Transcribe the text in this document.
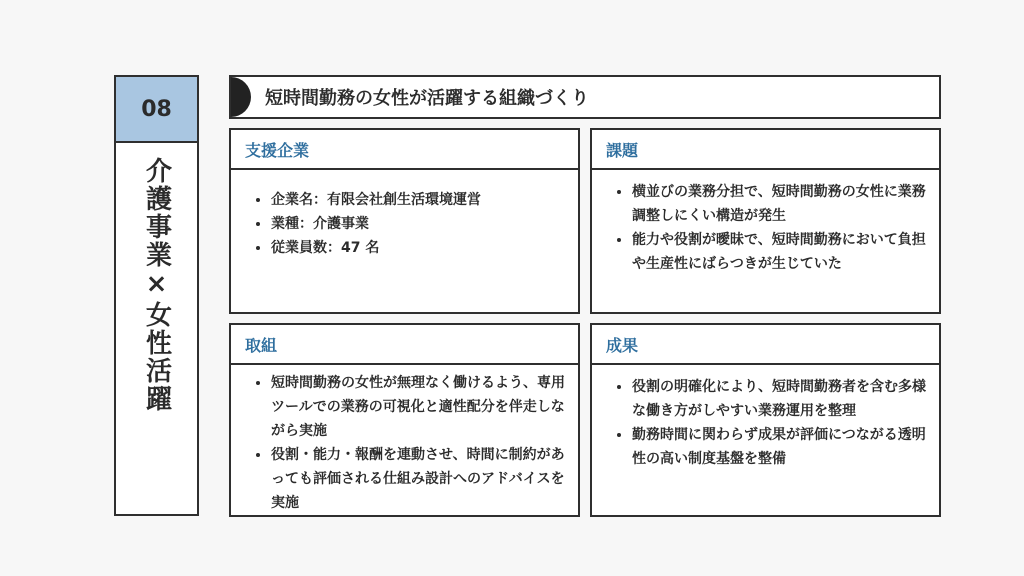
08
介護事業×女性活躍
短時間勤務の女性が活躍する組織づくり
支援企業
• 企業名：有限会社創生活環境運営
• 業種：介護事業
• 従業員数：47 名
課題
• 横並びの業務分担で、短時間勤務の女性に業務調整しにくい構造が発生
• 能力や役割が曖昧で、短時間勤務において負担や生産性にばらつきが生じていた
取組
• 短時間勤務の女性が無理なく働けるよう、専用ツールでの業務の可視化と適性配分を伴走しながら実施
• 役割・能力・報酬を連動させ、時間に制約があっても評価される仕組み設計へのアドバイスを実施
成果
• 役割の明確化により、短時間勤務者を含む多様な働き方がしやすい業務運用を整理
• 勤務時間に関わらず成果が評価につながる透明性の高い制度基盤を整備
